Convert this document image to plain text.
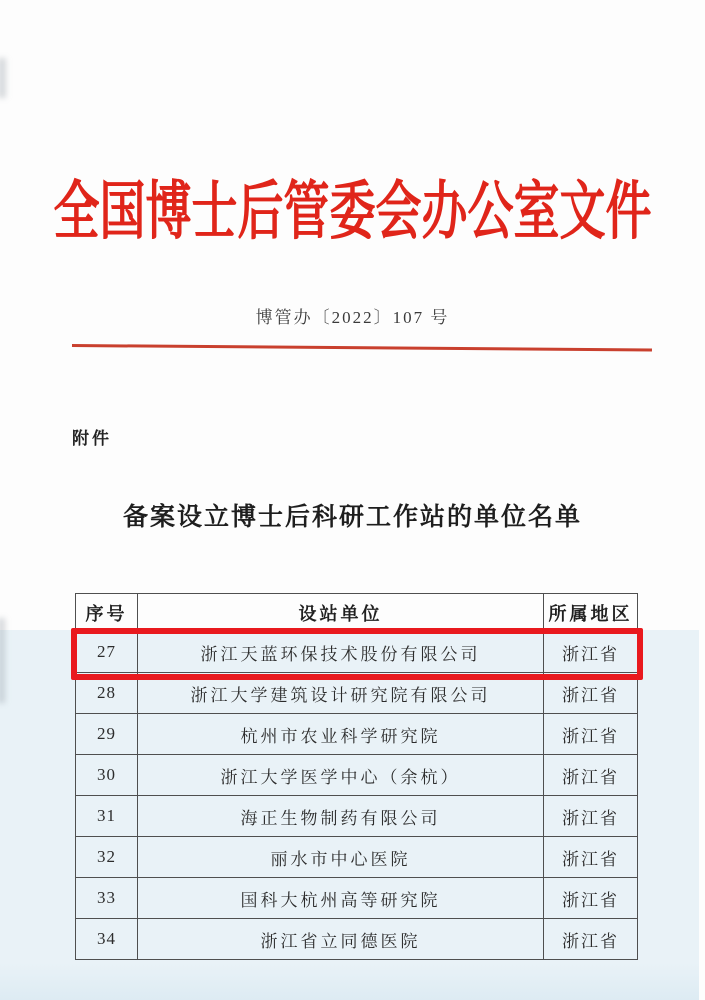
全国博士后管委会办公室文件
博管办〔2022〕107 号
附件
备案设立博士后科研工作站的单位名单
序号	设站单位	所属地区
27	浙江天蓝环保技术股份有限公司	浙江省
28	浙江大学建筑设计研究院有限公司	浙江省
29	杭州市农业科学研究院	浙江省
30	浙江大学医学中心（余杭）	浙江省
31	海正生物制药有限公司	浙江省
32	丽水市中心医院	浙江省
33	国科大杭州高等研究院	浙江省
34	浙江省立同德医院	浙江省
